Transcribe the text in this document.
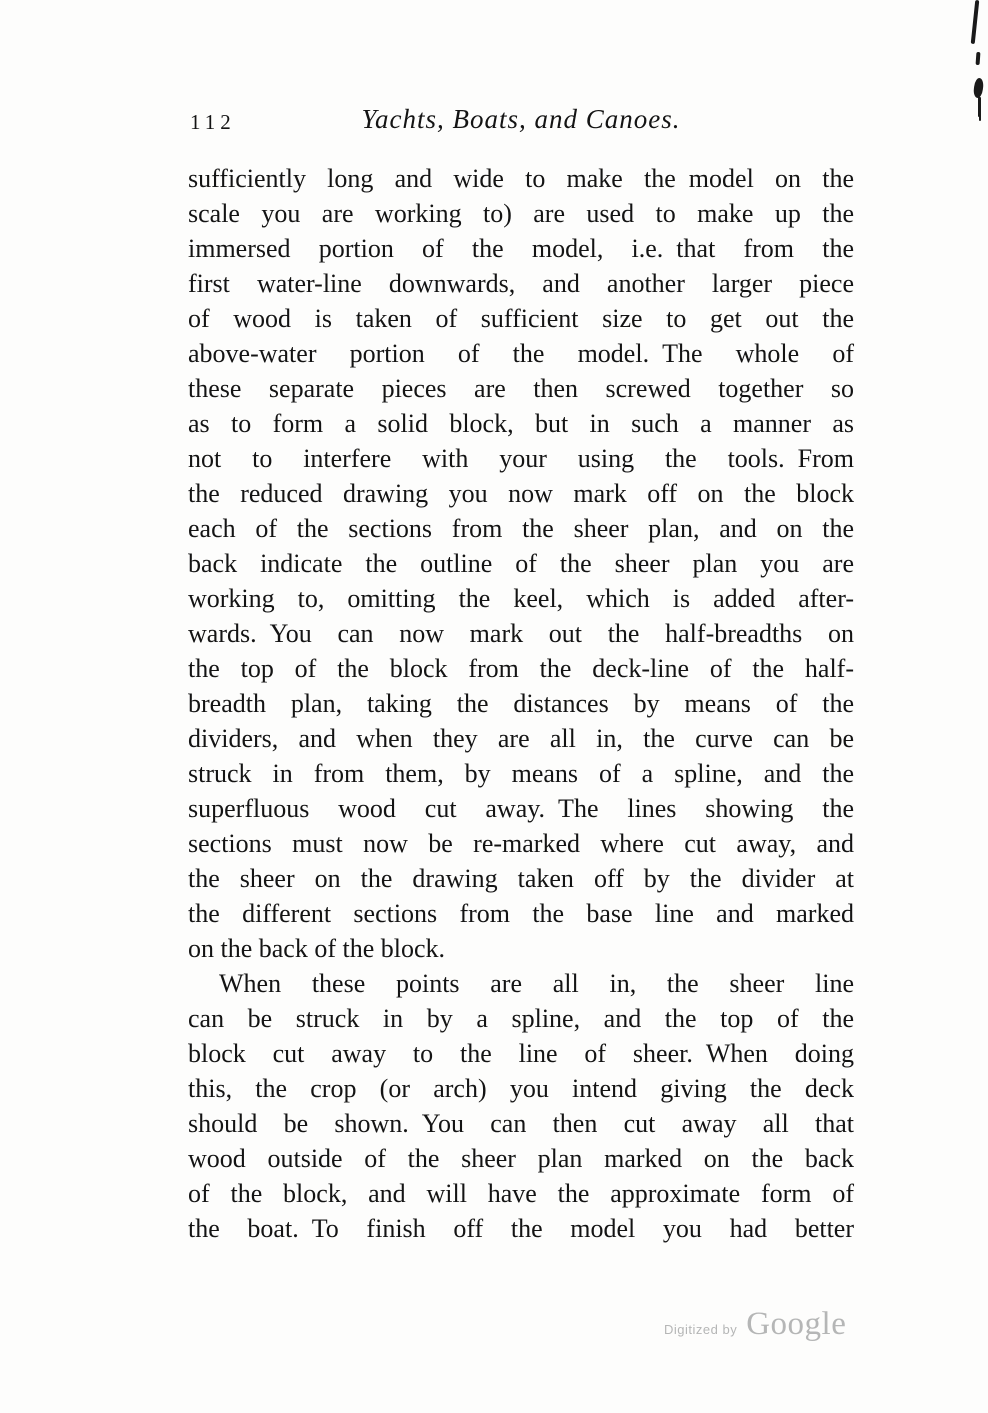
112	Yachts, Boats, and Canoes.
sufficiently long and wide to make the model on the
scale you are working to) are used to make up the
immersed portion of the model, i.e. that from the
first water-line downwards, and another larger piece
of wood is taken of sufficient size to get out the
above-water portion of the model. The whole of
these separate pieces are then screwed together so
as to form a solid block, but in such a manner as
not to interfere with your using the tools. From
the reduced drawing you now mark off on the block
each of the sections from the sheer plan, and on the
back indicate the outline of the sheer plan you are
working to, omitting the keel, which is added after-
wards. You can now mark out the half-breadths on
the top of the block from the deck-line of the half-
breadth plan, taking the distances by means of the
dividers, and when they are all in, the curve can be
struck in from them, by means of a spline, and the
superfluous wood cut away. The lines showing the
sections must now be re-marked where cut away, and
the sheer on the drawing taken off by the divider at
the different sections from the base line and marked
on the back of the block.
When these points are all in, the sheer line
can be struck in by a spline, and the top of the
block cut away to the line of sheer. When doing
this, the crop (or arch) you intend giving the deck
should be shown. You can then cut away all that
wood outside of the sheer plan marked on the back
of the block, and will have the approximate form of
the boat. To finish off the model you had better
Digitized by Google
